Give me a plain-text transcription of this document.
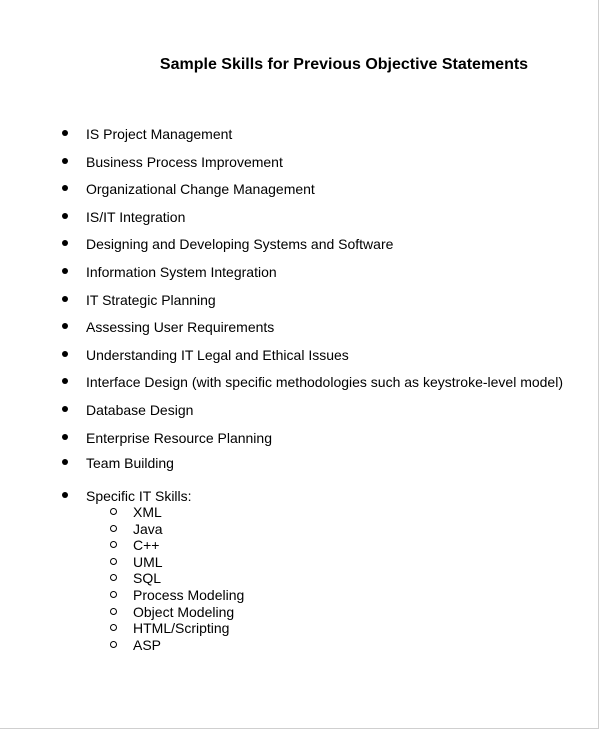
Sample Skills for Previous Objective Statements
IS Project Management
Business Process Improvement
Organizational Change Management
IS/IT Integration
Designing and Developing Systems and Software
Information System Integration
IT Strategic Planning
Assessing User Requirements
Understanding IT Legal and Ethical Issues
Interface Design (with specific methodologies such as keystroke-level model)
Database Design
Enterprise Resource Planning
Team Building
Specific IT Skills:
XML
Java
C++
UML
SQL
Process Modeling
Object Modeling
HTML/Scripting
ASP
